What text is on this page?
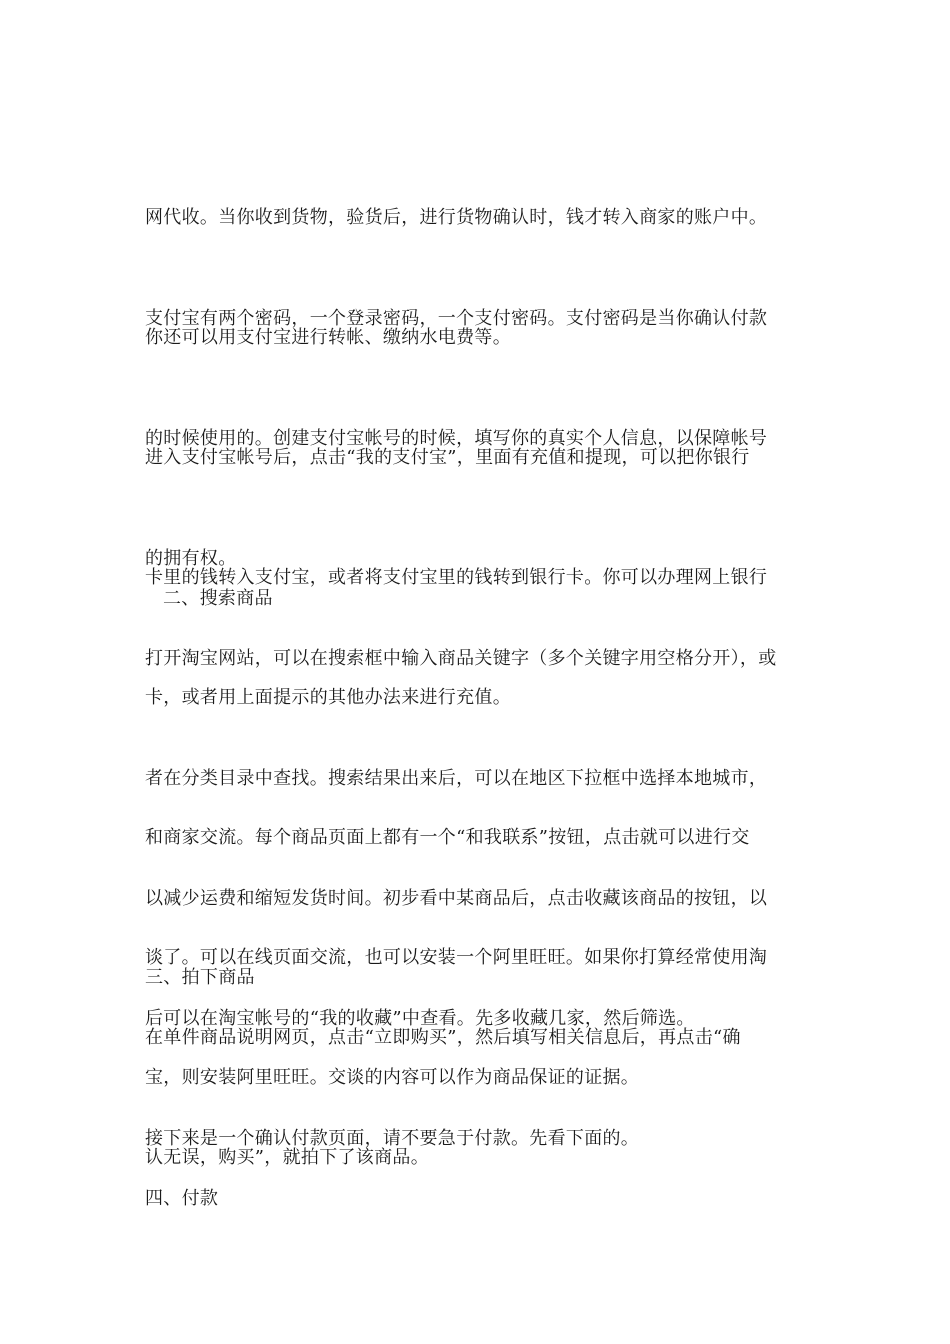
网代收。当你收到货物，验货后，进行货物确认时，钱才转入商家的账户中。

你还可以用支付宝进行转帐、缴纳水电费等。

支付宝有两个密码，一个登录密码，一个支付密码。支付密码是当你确认付款

的时候使用的。创建支付宝帐号的时候，填写你的真实个人信息，以保障帐号

的拥有权。

进入支付宝帐号后，点击“我的支付宝”，里面有充值和提现，可以把你银行

卡里的钱转入支付宝，或者将支付宝里的钱转到银行卡。你可以办理网上银行

卡，或者用上面提示的其他办法来进行充值。

二、搜索商品

打开淘宝网站，可以在搜索框中输入商品关键字（多个关键字用空格分开），或

者在分类目录中查找。搜索结果出来后，可以在地区下拉框中选择本地城市，

以减少运费和缩短发货时间。初步看中某商品后，点击收藏该商品的按钮，以

后可以在淘宝帐号的“我的收藏”中查看。先多收藏几家，然后筛选。

和商家交流。每个商品页面上都有一个“和我联系”按钮，点击就可以进行交

谈了。可以在线页面交流，也可以安装一个阿里旺旺。如果你打算经常使用淘

宝，则安装阿里旺旺。交谈的内容可以作为商品保证的证据。

三、拍下商品

在单件商品说明网页，点击“立即购买”，然后填写相关信息后，再点击“确

认无误，购买”，就拍下了该商品。

接下来是一个确认付款页面，请不要急于付款。先看下面的。

四、付款
